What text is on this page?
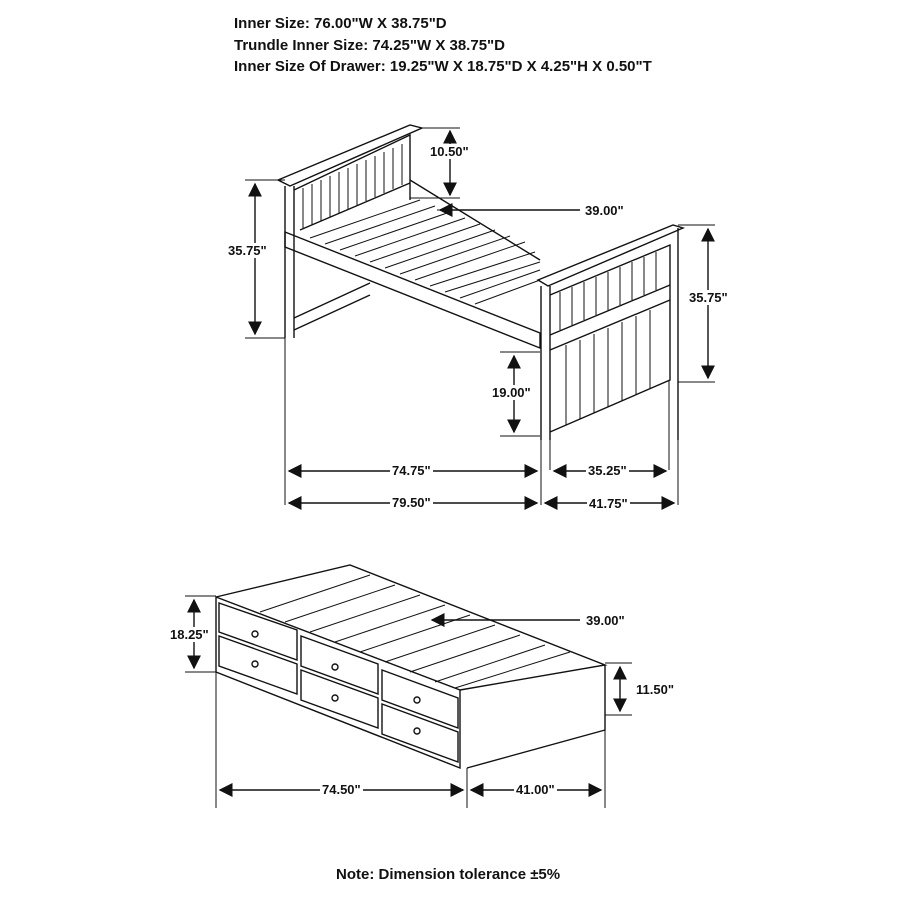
Inner Size: 76.00"W X 38.75"D
Trundle Inner Size: 74.25"W X 38.75"D
Inner Size Of Drawer: 19.25"W X 18.75"D X 4.25"H X 0.50"T
10.50"
39.00"
35.75"
35.75"
19.00"
74.75"	35.25"
79.50"	41.75"
39.00"
18.25"
11.50"
74.50"	41.00"
Note: Dimension tolerance ±5%
